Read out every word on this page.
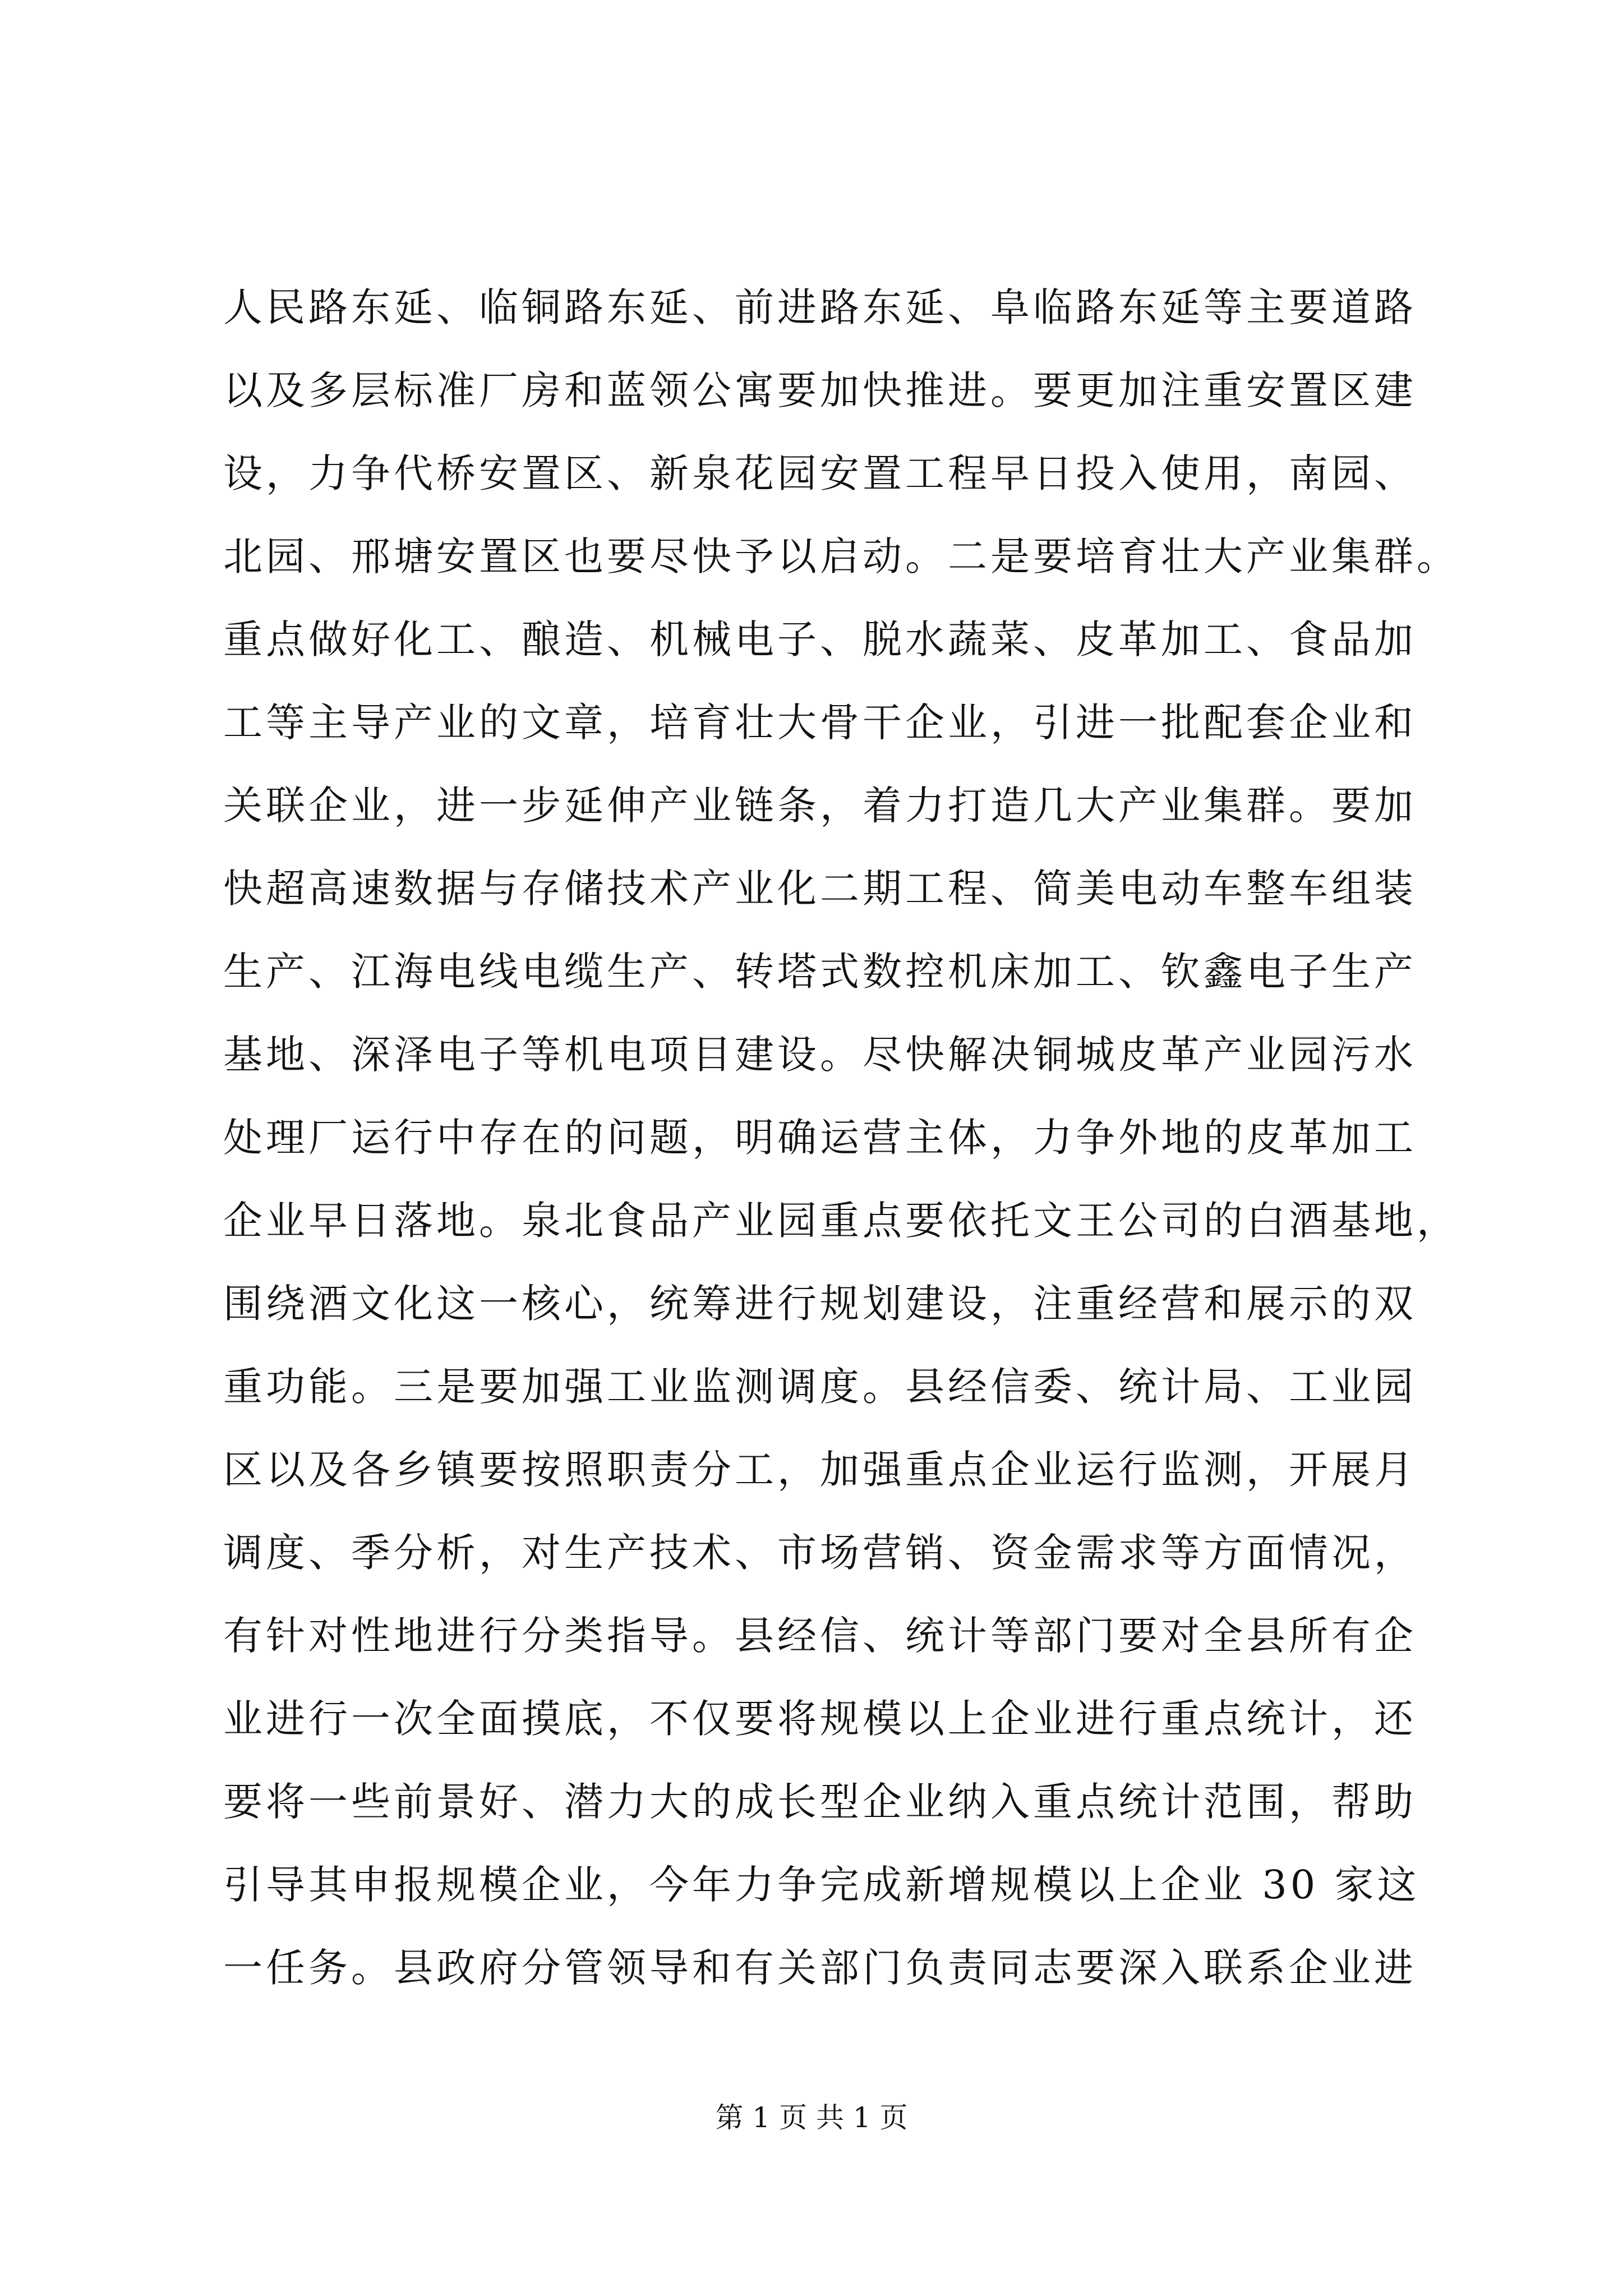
人民路东延、临铜路东延、前进路东延、阜临路东延等主要道路
以及多层标准厂房和蓝领公寓要加快推进。要更加注重安置区建
设，力争代桥安置区、新泉花园安置工程早日投入使用，南园、
北园、邢塘安置区也要尽快予以启动。二是要培育壮大产业集群。
重点做好化工、酿造、机械电子、脱水蔬菜、皮革加工、食品加
工等主导产业的文章，培育壮大骨干企业，引进一批配套企业和
关联企业，进一步延伸产业链条，着力打造几大产业集群。要加
快超高速数据与存储技术产业化二期工程、简美电动车整车组装
生产、江海电线电缆生产、转塔式数控机床加工、钦鑫电子生产
基地、深泽电子等机电项目建设。尽快解决铜城皮革产业园污水
处理厂运行中存在的问题，明确运营主体，力争外地的皮革加工
企业早日落地。泉北食品产业园重点要依托文王公司的白酒基地，
围绕酒文化这一核心，统筹进行规划建设，注重经营和展示的双
重功能。三是要加强工业监测调度。县经信委、统计局、工业园
区以及各乡镇要按照职责分工，加强重点企业运行监测，开展月
调度、季分析，对生产技术、市场营销、资金需求等方面情况，
有针对性地进行分类指导。县经信、统计等部门要对全县所有企
业进行一次全面摸底，不仅要将规模以上企业进行重点统计，还
要将一些前景好、潜力大的成长型企业纳入重点统计范围，帮助
引导其申报规模企业，今年力争完成新增规模以上企业 30 家这
一任务。县政府分管领导和有关部门负责同志要深入联系企业进
第 1 页 共 1 页
